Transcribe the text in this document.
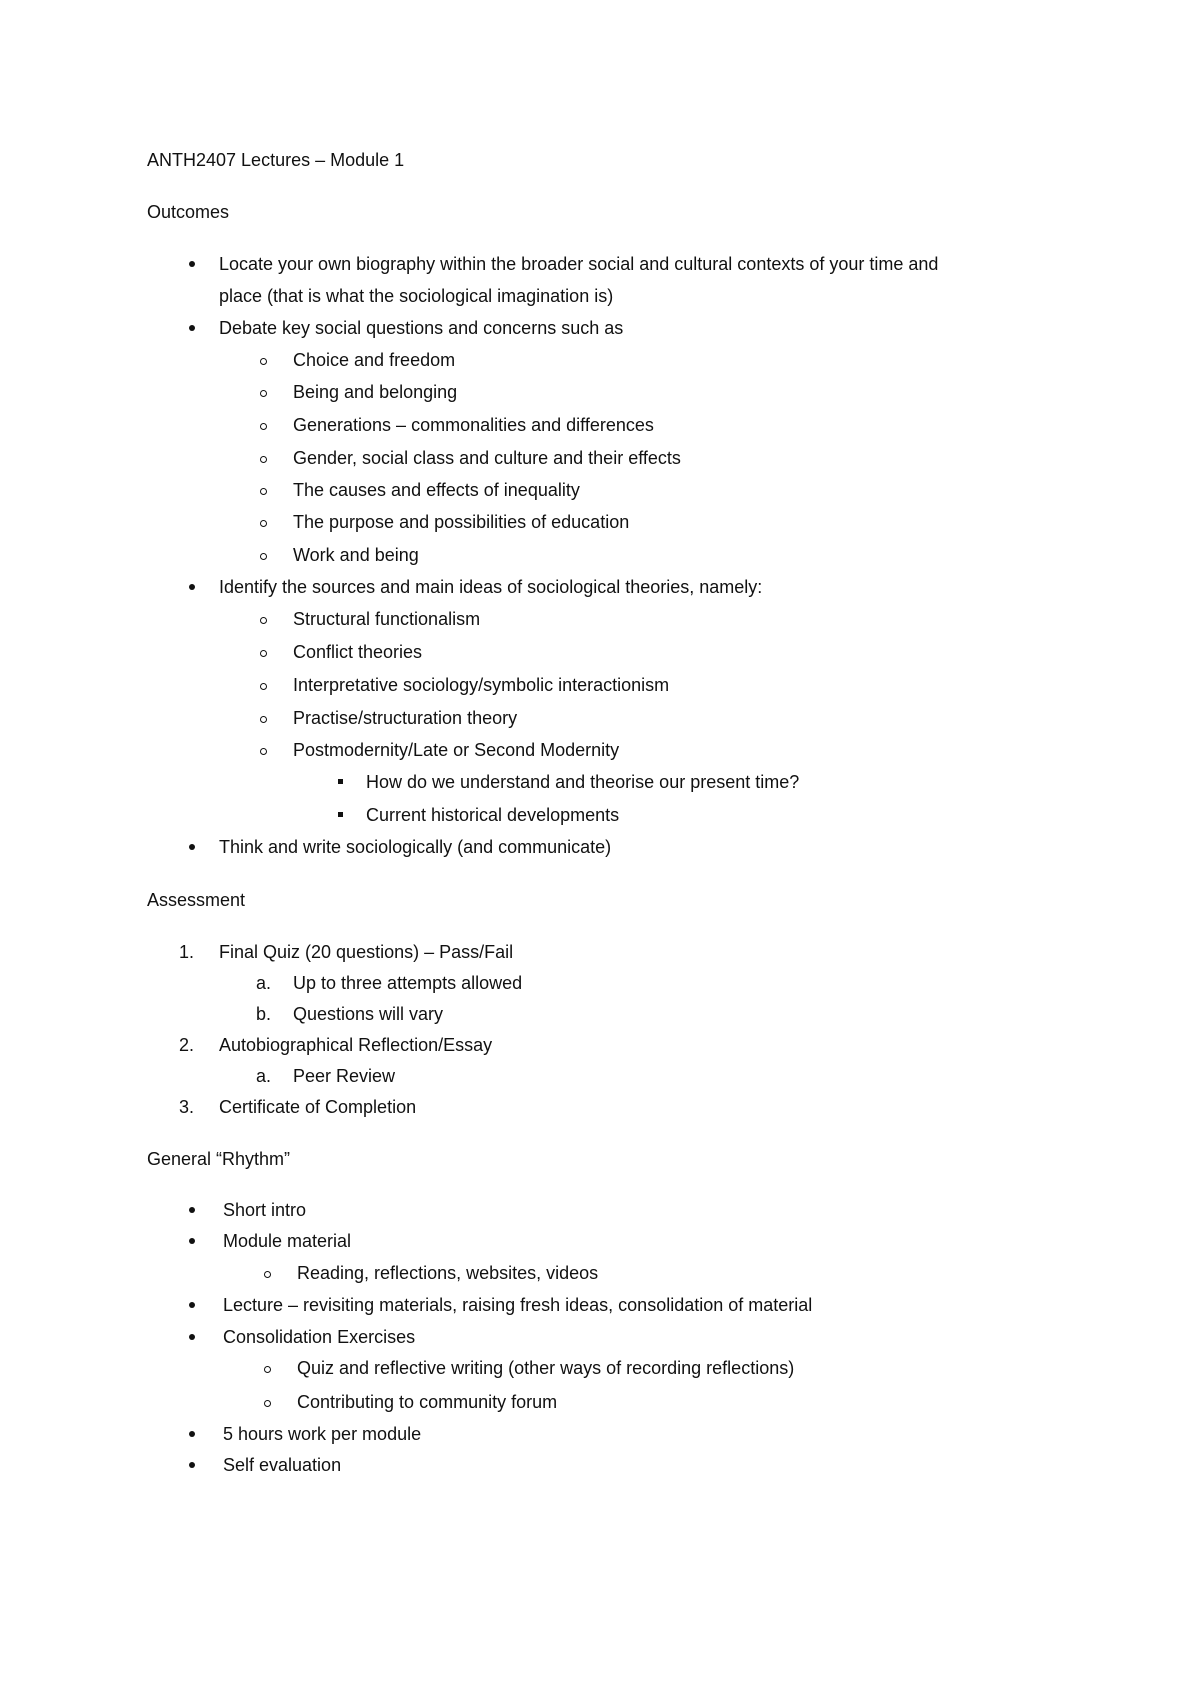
ANTH2407 Lectures – Module 1
Outcomes
Locate your own biography within the broader social and cultural contexts of your time and
place (that is what the sociological imagination is)
Debate key social questions and concerns such as
Choice and freedom
Being and belonging
Generations – commonalities and differences
Gender, social class and culture and their effects
The causes and effects of inequality
The purpose and possibilities of education
Work and being
Identify the sources and main ideas of sociological theories, namely:
Structural functionalism
Conflict theories
Interpretative sociology/symbolic interactionism
Practise/structuration theory
Postmodernity/Late or Second Modernity
How do we understand and theorise our present time?
Current historical developments
Think and write sociologically (and communicate)
Assessment
1. Final Quiz (20 questions) – Pass/Fail
a. Up to three attempts allowed
b. Questions will vary
2. Autobiographical Reflection/Essay
a. Peer Review
3. Certificate of Completion
General “Rhythm”
Short intro
Module material
Reading, reflections, websites, videos
Lecture – revisiting materials, raising fresh ideas, consolidation of material
Consolidation Exercises
Quiz and reflective writing (other ways of recording reflections)
Contributing to community forum
5 hours work per module
Self evaluation
